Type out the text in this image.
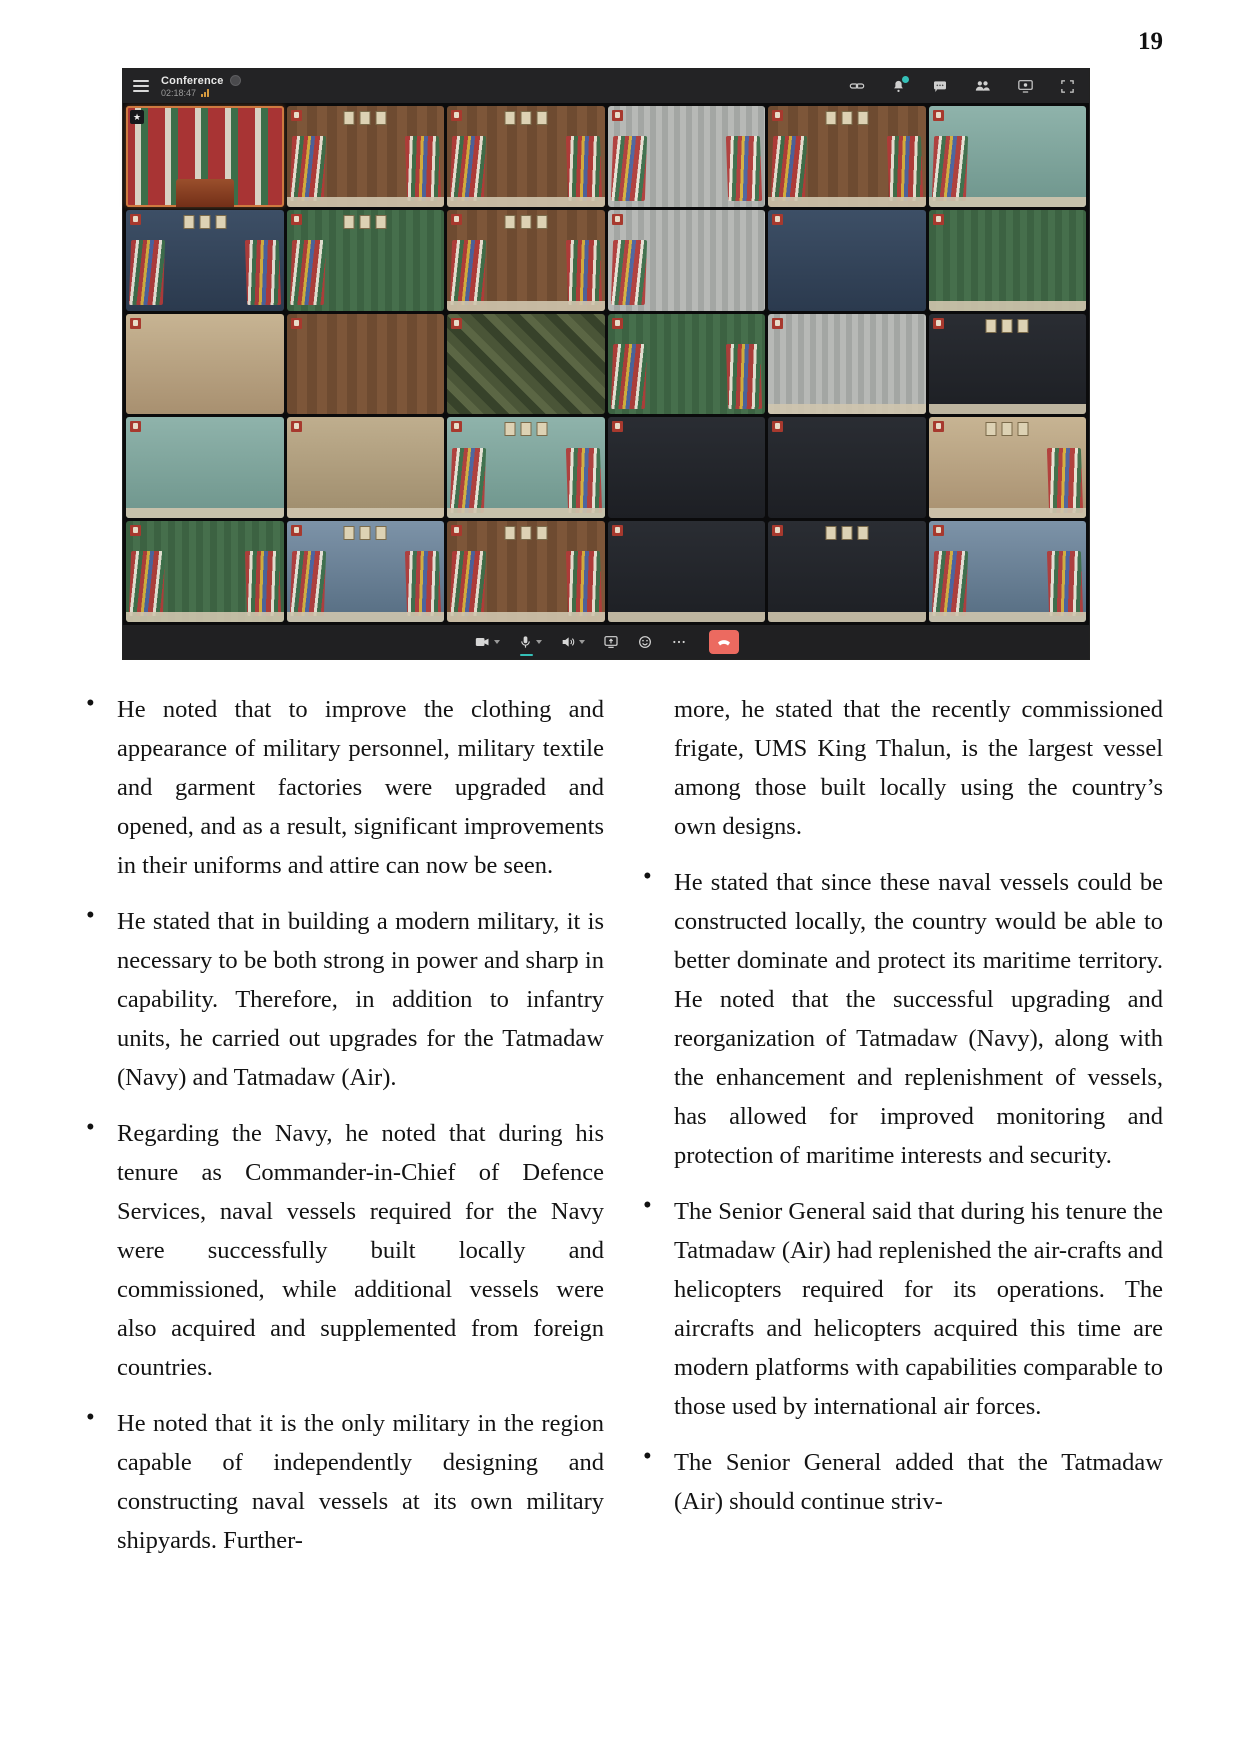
19
Conference
02:18:47
★

• He noted that to improve the clothing and appearance of military personnel, military textile and garment factories were upgraded and opened, and as a result, significant improvements in their uniforms and attire can now be seen.

• He stated that in building a modern military, it is necessary to be both strong in power and sharp in capability. Therefore, in addition to infantry units, he carried out upgrades for the Tatmadaw (Navy) and Tatmadaw (Air).

• Regarding the Navy, he noted that during his tenure as Commander-in-Chief of Defence Services, naval vessels required for the Navy were successfully built locally and commissioned, while additional vessels were also acquired and supplemented from foreign countries.

• He noted that it is the only military in the region capable of independently designing and constructing naval vessels at its own military shipyards. Further-

more, he stated that the recently commissioned frigate, UMS King Thalun, is the largest vessel among those built locally using the country’s own designs.

• He stated that since these naval vessels could be constructed locally, the country would be able to better dominate and protect its maritime territory. He noted that the successful upgrading and reorganization of Tatmadaw (Navy), along with the enhancement and replenishment of vessels, has allowed for improved monitoring and protection of maritime interests and security.

• The Senior General said that during his tenure the Tatmadaw (Air) had replenished the air-crafts and helicopters required for its operations. The aircrafts and helicopters acquired this time are modern platforms with capabilities comparable to those used by international air forces.

• The Senior General added that the Tatmadaw (Air) should continue striv-
